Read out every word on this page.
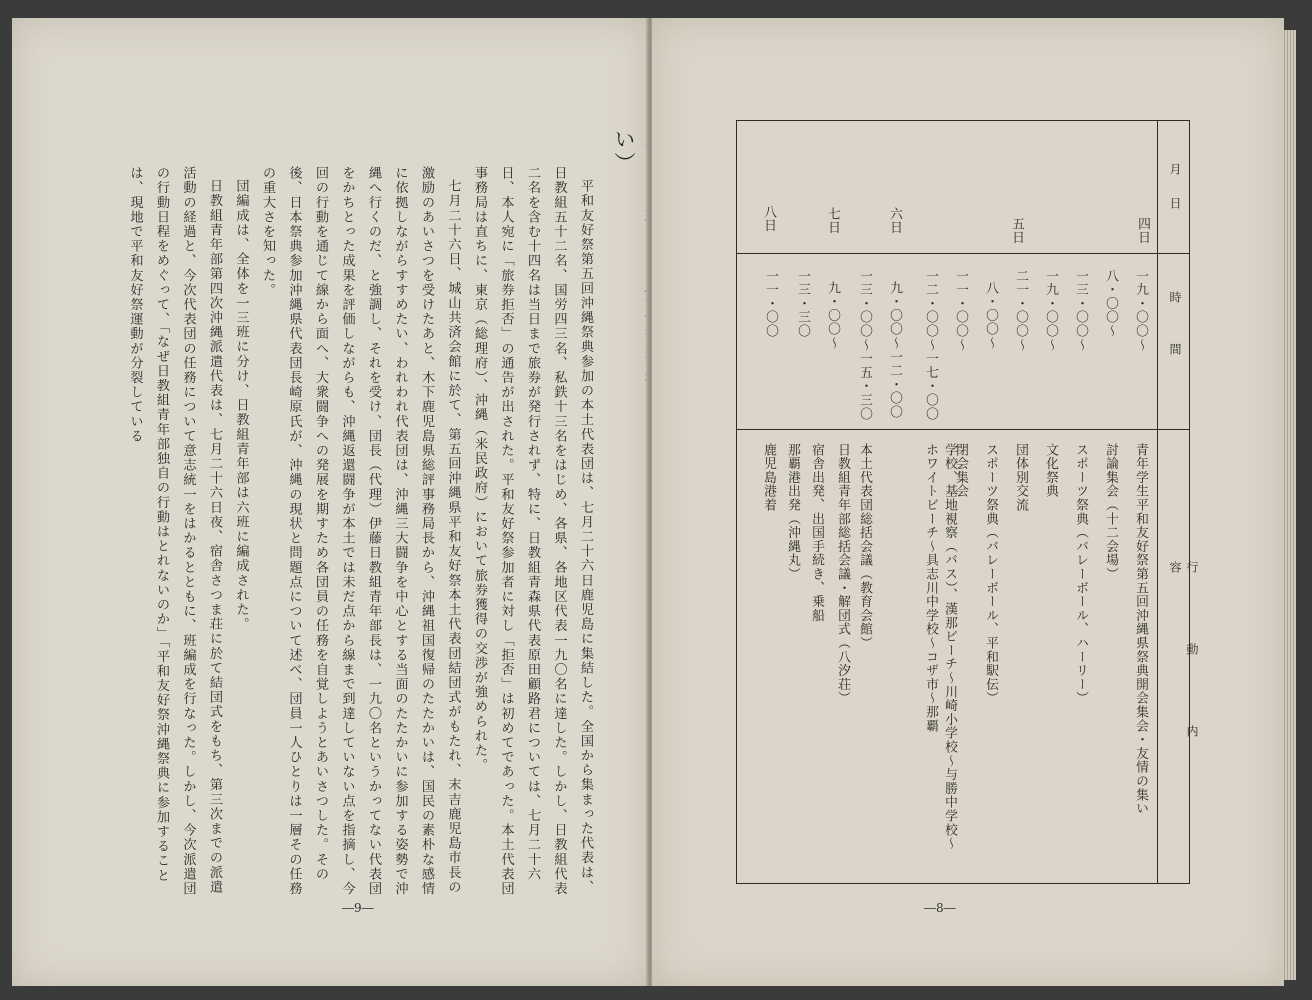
い）

平和友好祭第五回沖縄祭典参加の本土代表団は、七月二十六日鹿児島に集結した。全国から集まった代表は、日教組五十二名、国労四三名、私鉄十三名をはじめ、各県、各地区代表一九〇名に達した。しかし、日教組代表二名を含む十四名は当日まで旅券が発行されず、特に、日教組青森県代表原田顧路君については、七月二十六日、本人宛に「旅券拒否」の通告が出された。平和友好祭参加者に対し「拒否」は初めてであった。本土代表団事務局は直ちに、東京（総理府）、沖縄（米民政府）において旅券獲得の交渉が強められた。

七月二十六日、城山共済会館に於て、第五回沖縄県平和友好祭本土代表団結団式がもたれ、末吉鹿児島市長の激励のあいさつを受けたあと、木下鹿児島県総評事務局長から、沖縄祖国復帰のたたかいは、国民の素朴な感情に依拠しながらすすめたい、われわれ代表団は、沖縄三大闘争を中心とする当面のたたかいに参加する姿勢で沖縄へ行くのだ、と強調し、それを受け、団長（代理）伊藤日教組青年部長は、一九〇名というかってない代表団をかちとった成果を評価しながらも、沖縄返還闘争が本土では未だ点から線まで到達していない点を指摘し、今回の行動を通じて線から面へ、大衆闘争への発展を期すため各団員の任務を自覚しようとあいさつした。その後、日本祭典参加沖縄県代表団長崎原氏が、沖縄の現状と問題点について述べ、団員一人ひとりは一層その任務の重大さを知った。

団編成は、全体を一三班に分け、日教組青年部は六班に編成された。

日教組青年部第四次沖縄派遣代表は、七月二十六日夜、宿舎さつま荘に於て結団式をもち、第三次までの派遣活動の経過と、今次代表団の任務について意志統一をはかるとともに、班編成を行なった。しかし、今次派遣団の行動日程をめぐって、「なぜ日教組青年部独自の行動はとれないのか」「平和友好祭沖縄祭典に参加することは、現地で平和友好祭運動が分裂している

―9―
月日
時間
行動内容
四日
五日
六日
七日
八日
一九・〇〇〜
八・〇〇〜
一三・〇〇〜
一九・〇〇〜
二一・〇〇〜
八・〇〇〜
一一・〇〇〜
一二・〇〇〜一七・〇〇
九・〇〇〜一二・〇〇
一三・〇〇〜一五・三〇
九・〇〇〜
一三・三〇
一一・〇〇
青年学生平和友好祭第五回沖縄県祭典開会集会・友情の集い
討論集会（十二会場）
スポーツ祭典（バレーボール、ハーリー）
文化祭典
団体別交流
スポーツ祭典（バレーボール、平和駅伝）
閉会集会
学校、基地視察（バス）、漢那ビーチ〜川崎小学校〜与勝中学校〜ホワイトビーチ〜具志川中学校〜コザ市〜那覇
本土代表団総括会議（教育会館）
日教組青年部総括会議・解団式（八汐荘）
宿舎出発、出国手続き、乗船
那覇港出発（沖縄丸）
鹿児島港着
―8―
